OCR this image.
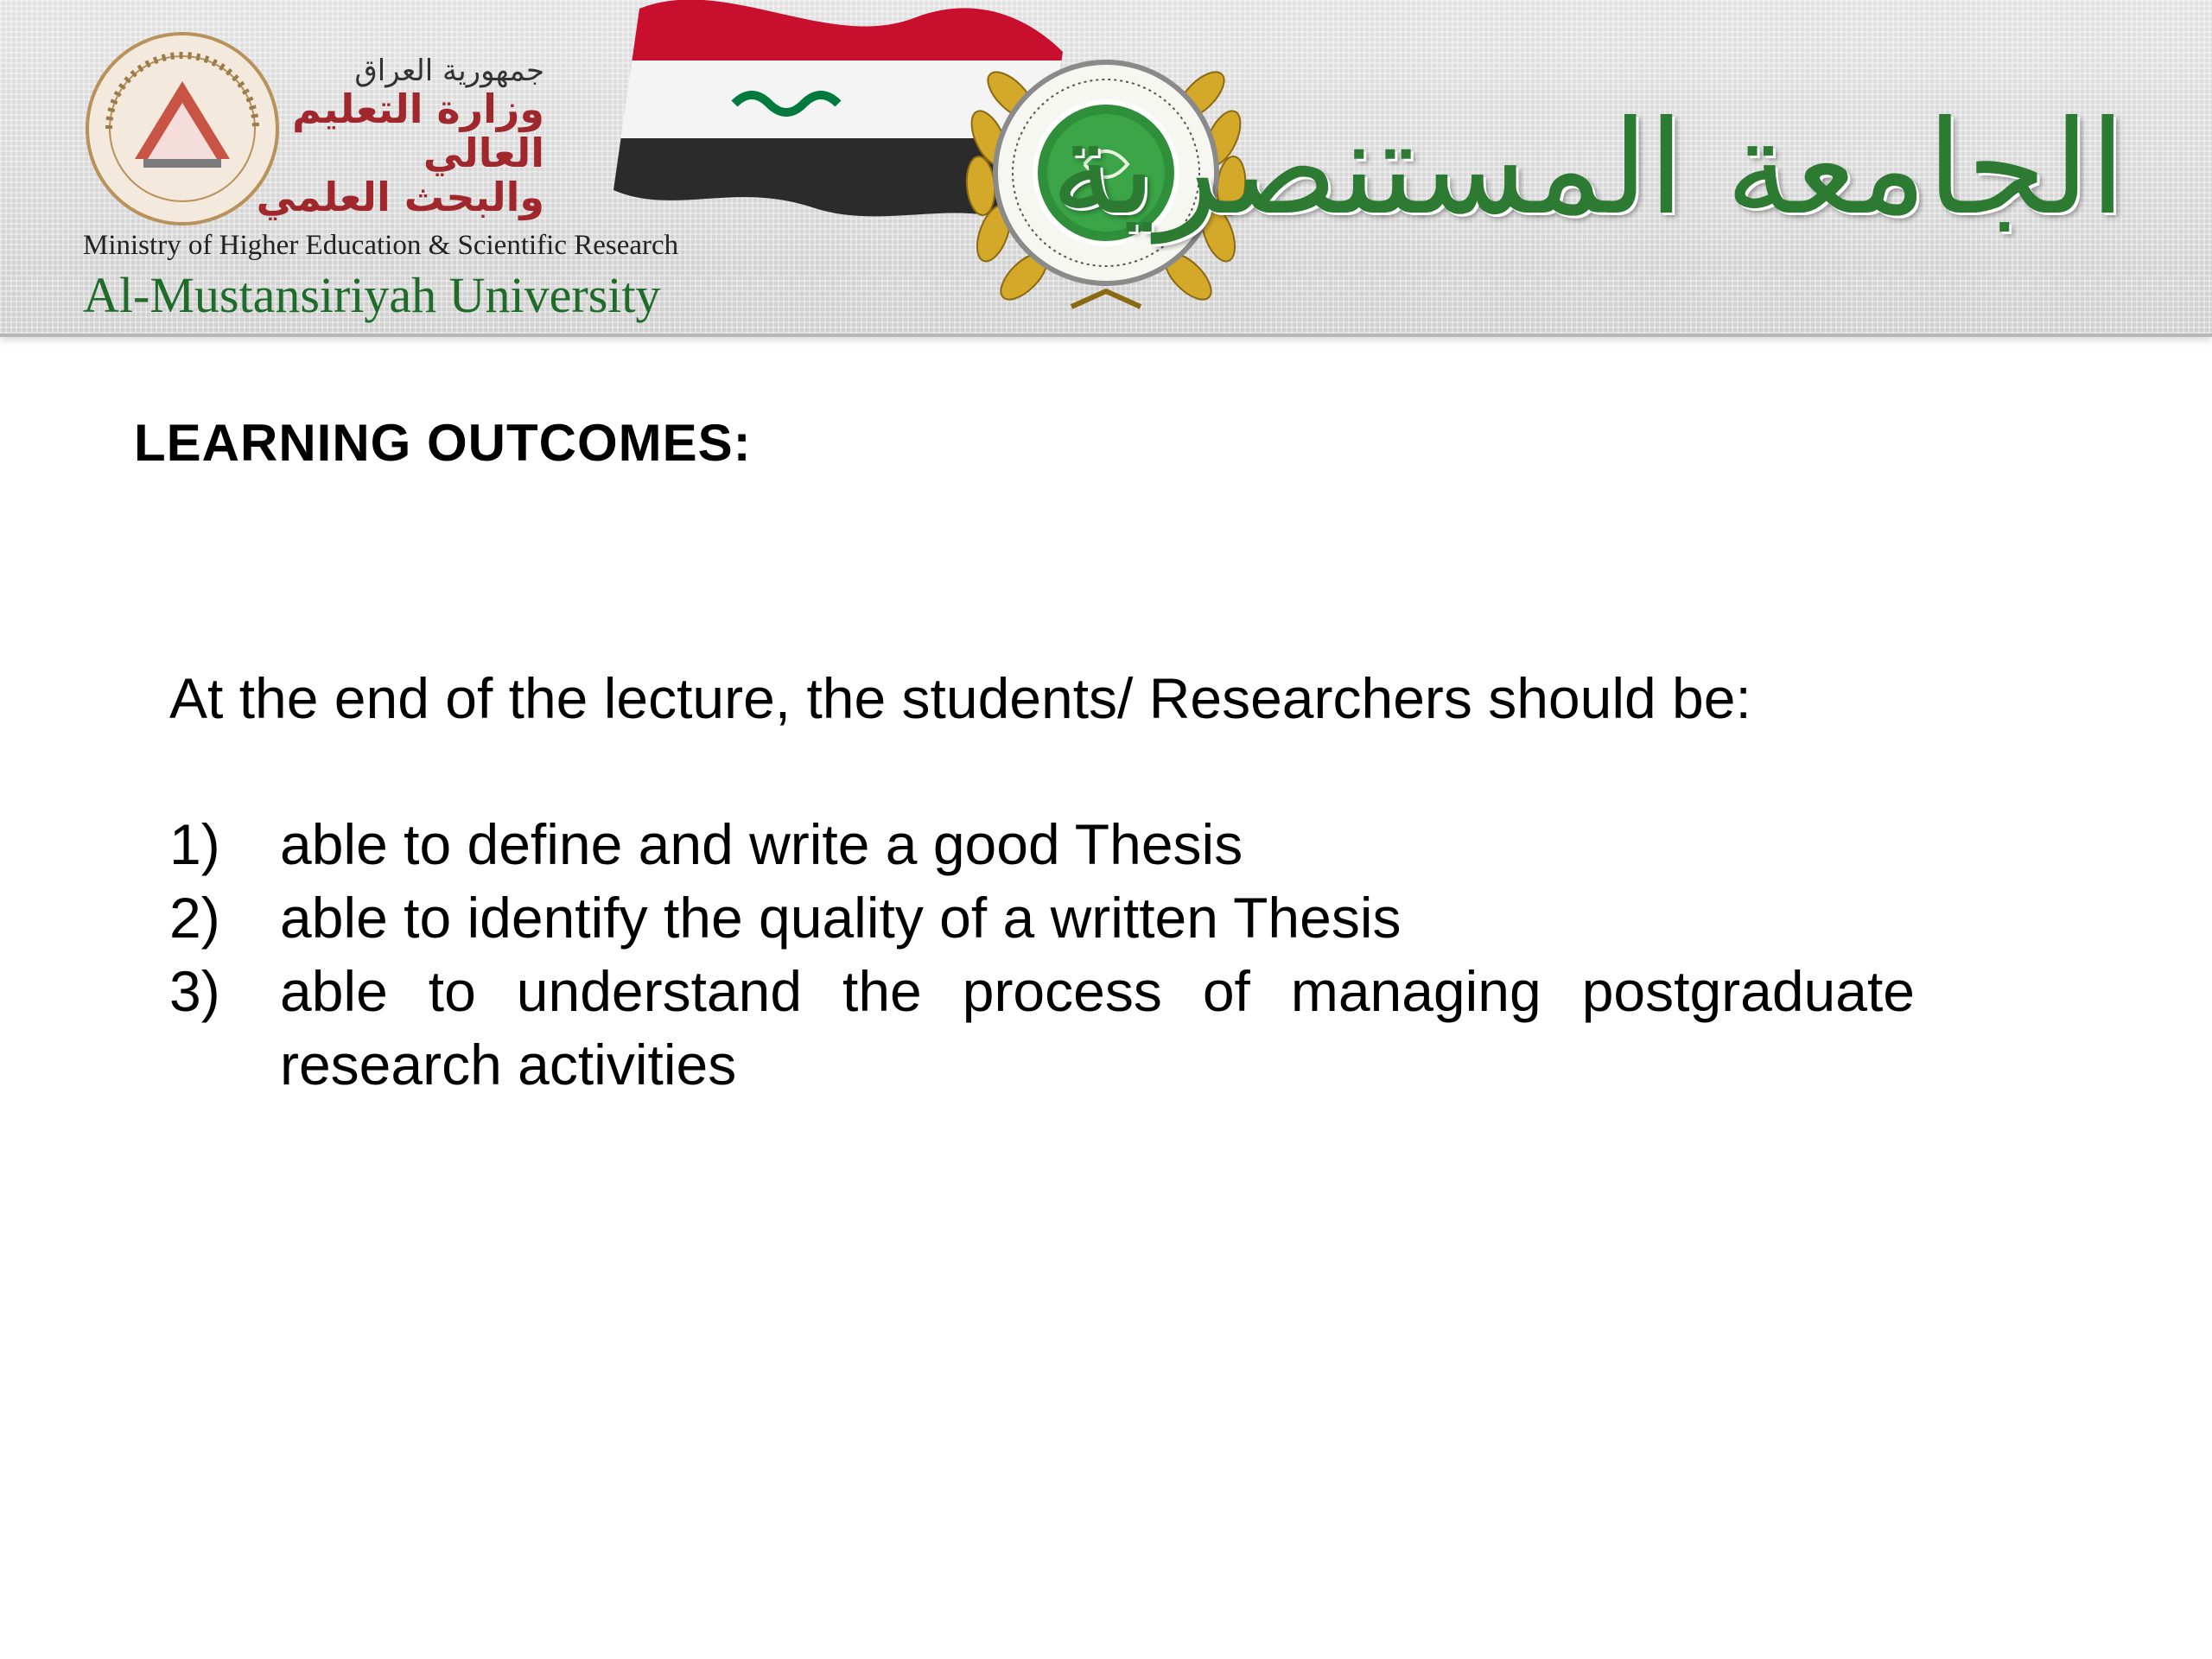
جمهورية العراق
وزارة التعليم العالي
والبحث العلمي
Ministry of Higher Education & Scientific Research
Al-Mustansiriyah University
الجامعة المستنصرية
LEARNING OUTCOMES:

At the end of the lecture, the students/ Researchers should be:

1)	able to define and write a good Thesis
2)	able to identify the quality of a written Thesis
3)	able to understand the process of managing postgraduate research activities
